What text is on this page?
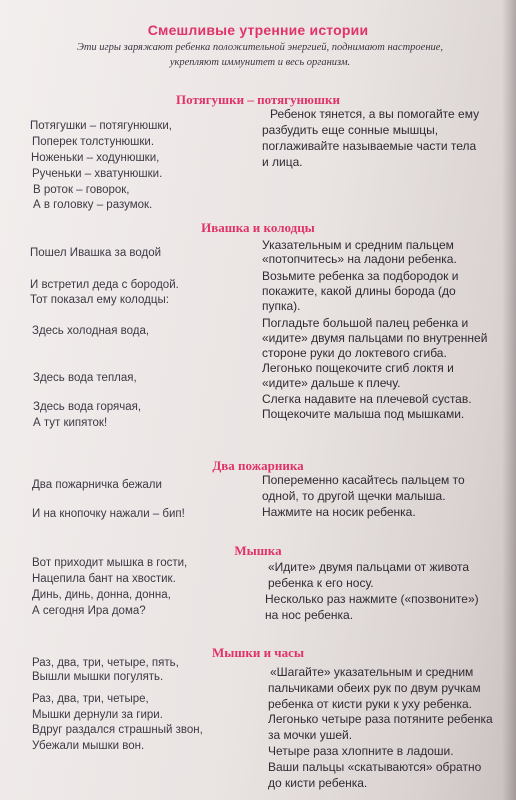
Смешливые утренние истории
Эти игры заряжают ребенка положительной энергией, поднимают настроение,
укрепляют иммунитет и весь организм.
Потягушки – потягунюшки
Потягушки – потягунюшки,
Поперек толстунюшки.
Ноженьки – ходунюшки,
Рученьки – хватунюшки.
В роток – говорок,
А в головку – разумок.
Ребенок тянется, а вы помогайте ему
разбудить еще сонные мышцы,
поглаживайте называемые части тела
и лица.
Ивашка и колодцы
Пошел Ивашка за водой
И встретил деда с бородой.
Тот показал ему колодцы:
Здесь холодная вода,
Здесь вода теплая,
Здесь вода горячая,
А тут кипяток!
Указательным и средним пальцем
«потопчитесь» на ладони ребенка.
Возьмите ребенка за подбородок и
покажите, какой длины борода (до
пупка).
Погладьте большой палец ребенка и
«идите» двумя пальцами по внутренней
стороне руки до локтевого сгиба.
Легонько пощекочите сгиб локтя и
«идите» дальше к плечу.
Слегка надавите на плечевой сустав.
Пощекочите малыша под мышками.
Два пожарника
Два пожарничка бежали
И на кнопочку нажали – бип!
Попеременно касайтесь пальцем то
одной, то другой щечки малыша.
Нажмите на носик ребенка.
Мышка
Вот приходит мышка в гости,
Нацепила бант на хвостик.
Динь, динь, донна, донна,
А сегодня Ира дома?
«Идите» двумя пальцами от живота
ребенка к его носу.
Несколько раз нажмите («позвоните»)
на нос ребенка.
Мышки и часы
Раз, два, три, четыре, пять,
Вышли мышки погулять.
Раз, два, три, четыре,
Мышки дернули за гири.
Вдруг раздался страшный звон,
Убежали мышки вон.
«Шагайте» указательным и средним
пальчиками обеих рук по двум ручкам
ребенка от кисти руки к уху ребенка.
Легонько четыре раза потяните ребенка
за мочки ушей.
Четыре раза хлопните в ладоши.
Ваши пальцы «скатываются» обратно
до кисти ребенка.
